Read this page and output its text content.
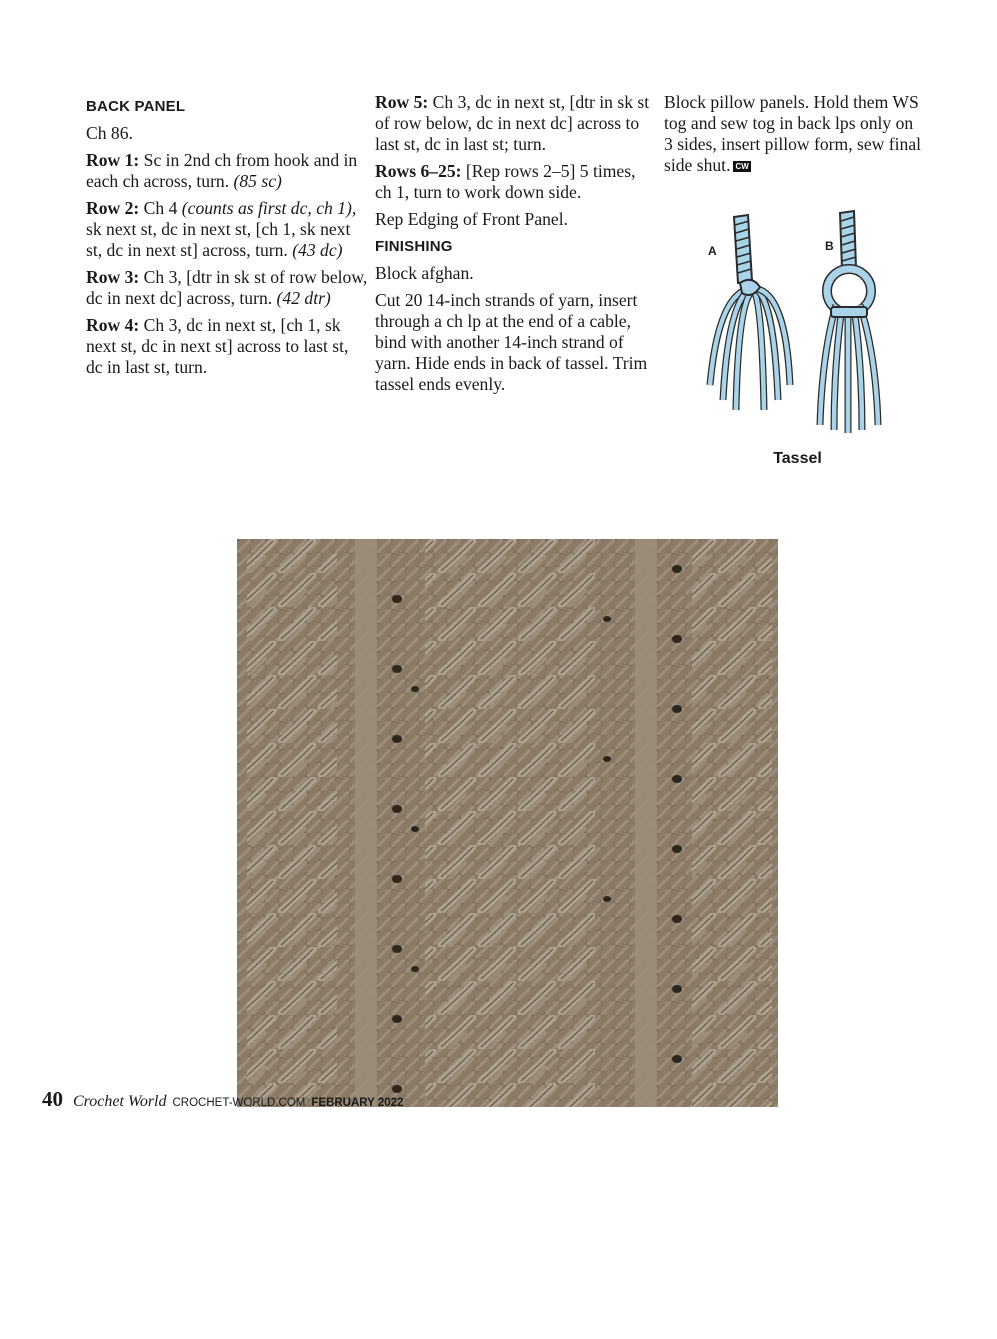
BACK PANEL

Ch 86.

Row 1: Sc in 2nd ch from hook and in each ch across, turn. (85 sc)

Row 2: Ch 4 (counts as first dc, ch 1), sk next st, dc in next st, [ch 1, sk next st, dc in next st] across, turn. (43 dc)

Row 3: Ch 3, [dtr in sk st of row below, dc in next dc] across, turn. (42 dtr)

Row 4: Ch 3, dc in next st, [ch 1, sk next st, dc in next st] across to last st, dc in last st, turn.

Row 5: Ch 3, dc in next st, [dtr in sk st of row below, dc in next dc] across to last st, dc in last st; turn.

Rows 6–25: [Rep rows 2–5] 5 times, ch 1, turn to work down side.

Rep Edging of Front Panel.

FINISHING

Block afghan.

Cut 20 14-inch strands of yarn, insert through a ch lp at the end of a cable, bind with another 14-inch strand of yarn. Hide ends in back of tassel. Trim tassel ends evenly.

Block pillow panels. Hold them WS tog and sew tog in back lps only on 3 sides, insert pillow form, sew final side shut. CW

A	B
Tassel
40 Crochet World CROCHET-WORLD.COM FEBRUARY 2022
